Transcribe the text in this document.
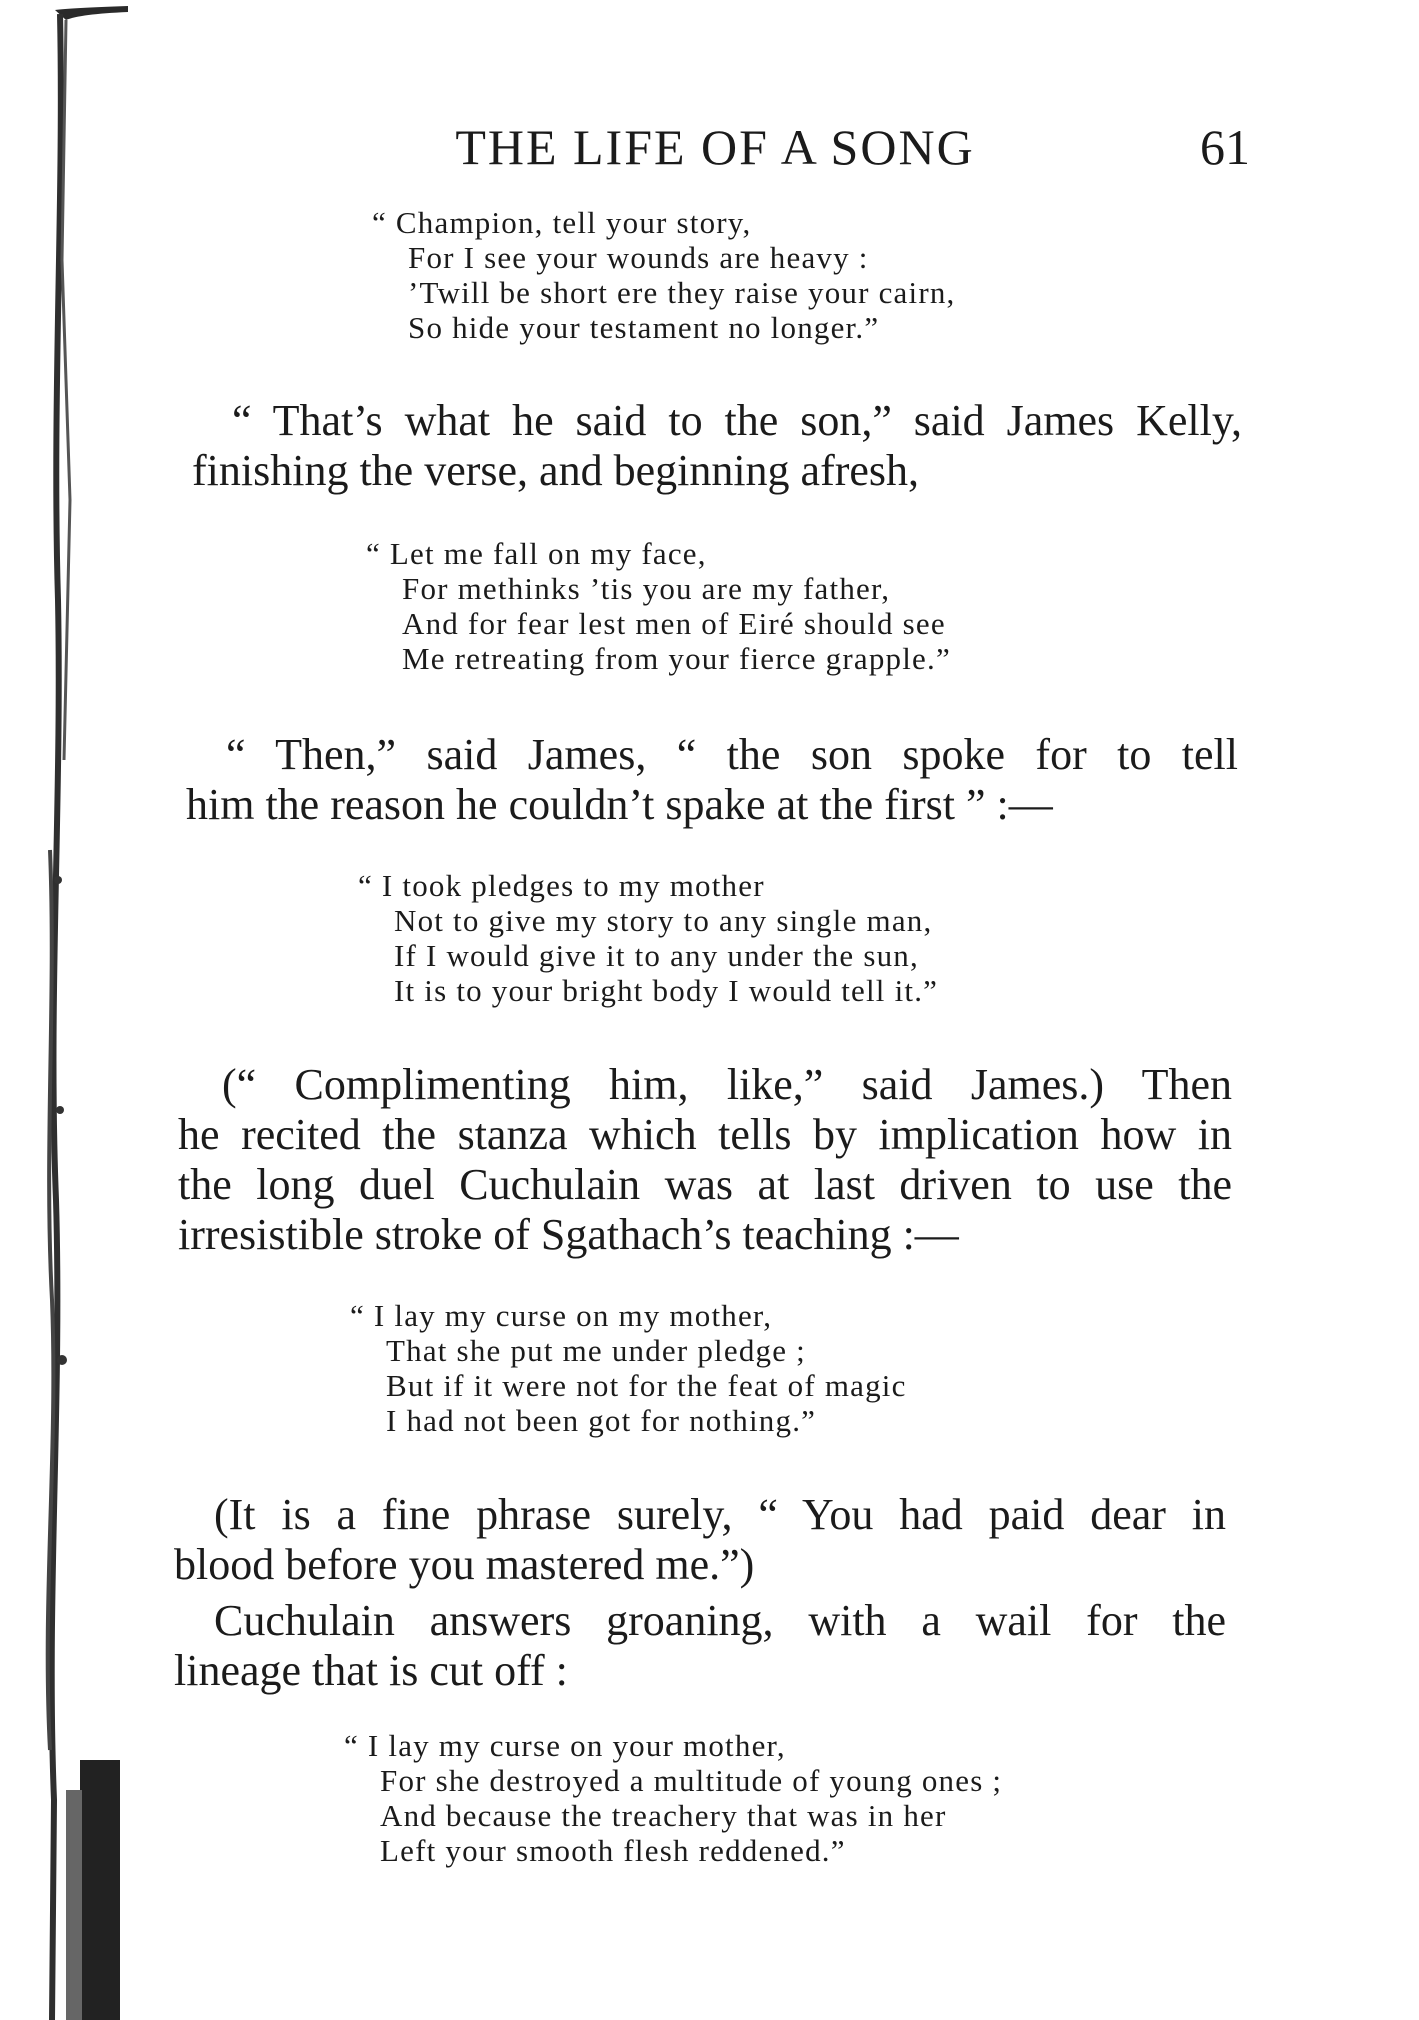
THE LIFE OF A SONG	61
“ Champion, tell your story,
For I see your wounds are heavy :
’Twill be short ere they raise your cairn,
So hide your testament no longer.”
“ That’s what he said to the son,” said James Kelly,
finishing the verse, and beginning afresh,
“ Let me fall on my face,
For methinks ’tis you are my father,
And for fear lest men of Eiré should see
Me retreating from your fierce grapple.”
“ Then,” said James, “ the son spoke for to tell
him the reason he couldn’t spake at the first ” :—
“ I took pledges to my mother
Not to give my story to any single man,
If I would give it to any under the sun,
It is to your bright body I would tell it.”
(“ Complimenting him, like,” said James.) Then
he recited the stanza which tells by implication how in
the long duel Cuchulain was at last driven to use the
irresistible stroke of Sgathach’s teaching :—
“ I lay my curse on my mother,
That she put me under pledge ;
But if it were not for the feat of magic
I had not been got for nothing.”
(It is a fine phrase surely, “ You had paid dear in
blood before you mastered me.”)
Cuchulain answers groaning, with a wail for the
lineage that is cut off :
“ I lay my curse on your mother,
For she destroyed a multitude of young ones ;
And because the treachery that was in her
Left your smooth flesh reddened.”
